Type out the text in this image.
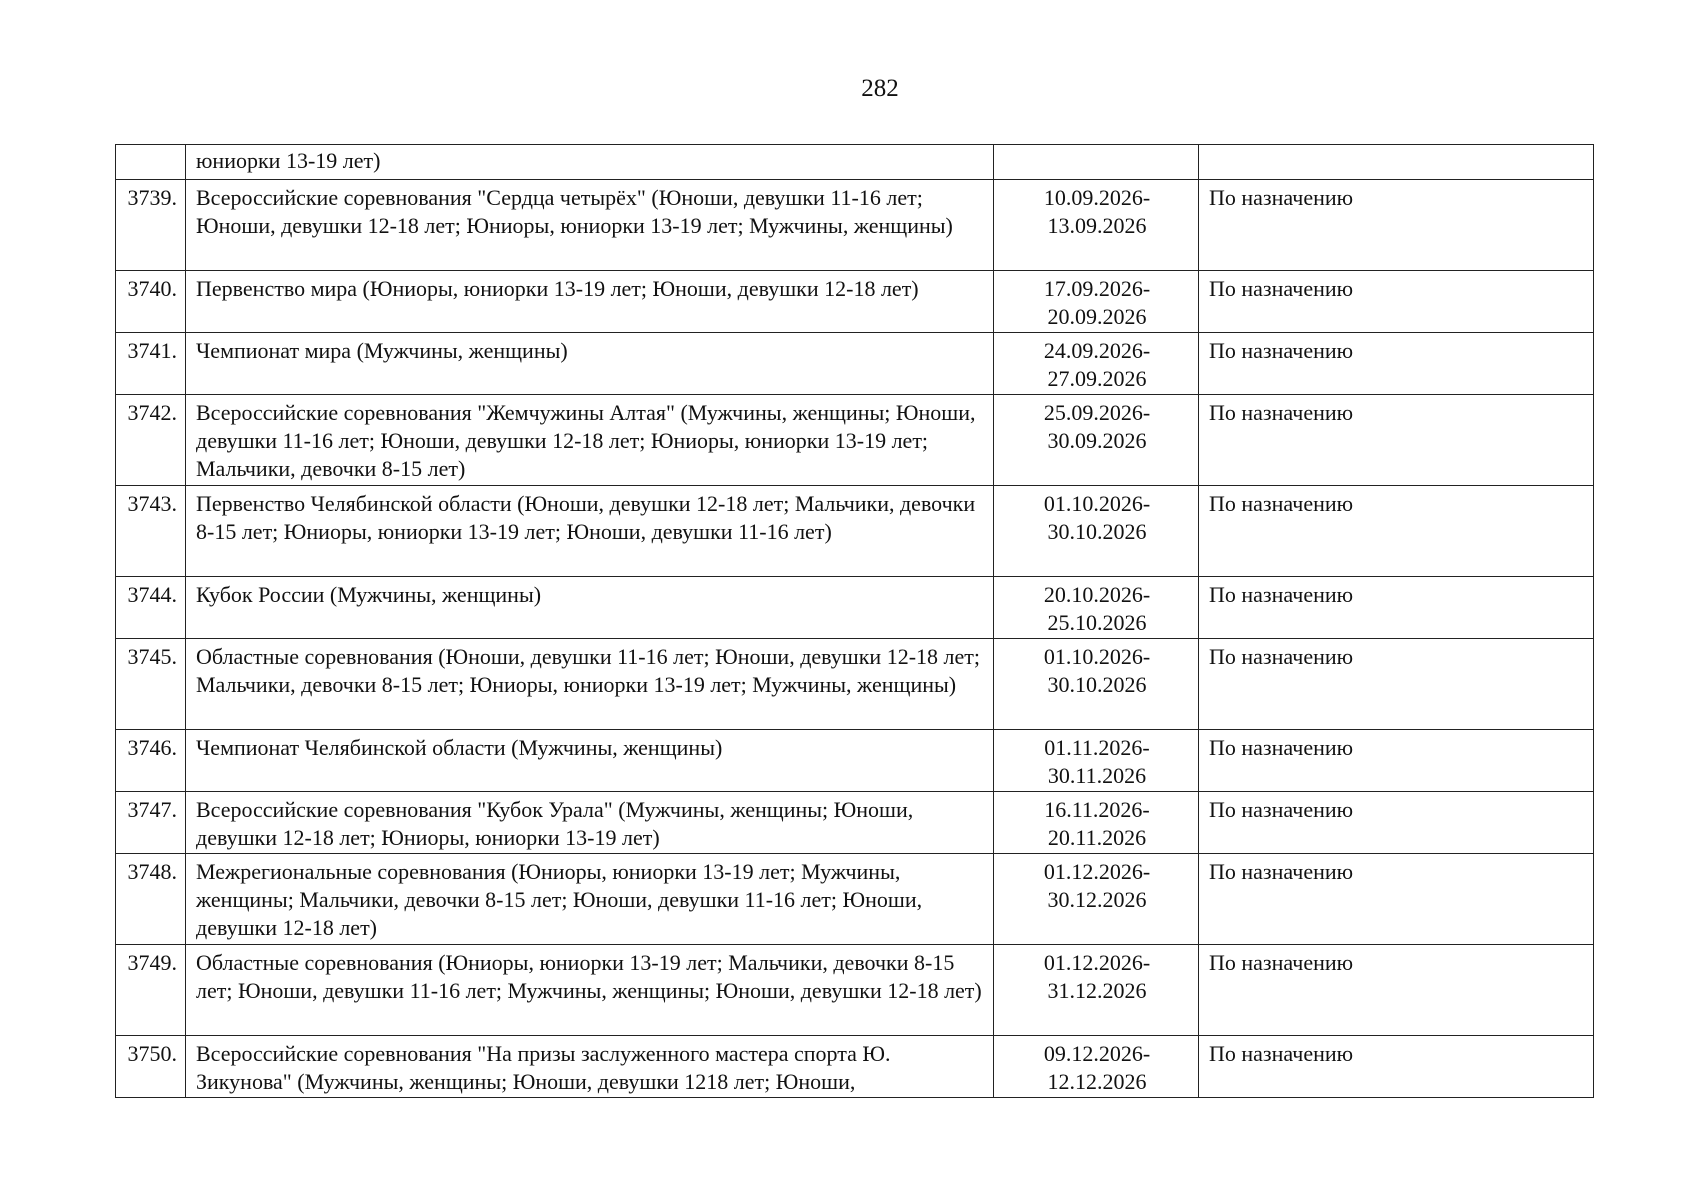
282
	юниорки 13-19 лет)	

3739.	Всероссийские соревнования "Сердца четырёх" (Юноши, девушки 11-16 лет; Юноши, девушки 12-18 лет; Юниоры, юниорки 13-19 лет; Мужчины, женщины)	10.09.2026-
13.09.2026	По назначению
3740.	Первенство мира (Юниоры, юниорки 13-19 лет; Юноши, девушки 12-18 лет)	17.09.2026-
20.09.2026	По назначению
3741.	Чемпионат мира (Мужчины, женщины)	24.09.2026-
27.09.2026	По назначению
3742.	Всероссийские соревнования "Жемчужины Алтая" (Мужчины, женщины; Юноши, девушки 11-16 лет; Юноши, девушки 12-18 лет; Юниоры, юниорки 13-19 лет; Мальчики, девочки 8-15 лет)	25.09.2026-
30.09.2026	По назначению
3743.	Первенство Челябинской области (Юноши, девушки 12-18 лет; Мальчики, девочки 8-15 лет; Юниоры, юниорки 13-19 лет; Юноши, девушки 11-16 лет)	01.10.2026-
30.10.2026	По назначению
3744.	Кубок России (Мужчины, женщины)	20.10.2026-
25.10.2026	По назначению
3745.	Областные соревнования (Юноши, девушки 11-16 лет; Юноши, девушки 12-18 лет; Мальчики, девочки 8-15 лет; Юниоры, юниорки 13-19 лет; Мужчины, женщины)	01.10.2026-
30.10.2026	По назначению
3746.	Чемпионат Челябинской области (Мужчины, женщины)	01.11.2026-
30.11.2026	По назначению
3747.	Всероссийские соревнования "Кубок Урала" (Мужчины, женщины; Юноши, девушки 12-18 лет; Юниоры, юниорки 13-19 лет)	16.11.2026-
20.11.2026	По назначению
3748.	Межрегиональные соревнования (Юниоры, юниорки 13-19 лет; Мужчины, женщины; Мальчики, девочки 8-15 лет; Юноши, девушки 11-16 лет; Юноши, девушки 12-18 лет)	01.12.2026-
30.12.2026	По назначению
3749.	Областные соревнования (Юниоры, юниорки 13-19 лет; Мальчики, девочки 8-15 лет; Юноши, девушки 11-16 лет; Мужчины, женщины; Юноши, девушки 12-18 лет)	01.12.2026-
31.12.2026	По назначению
3750.	Всероссийские соревнования "На призы заслуженного мастера спорта Ю. Зикунова" (Мужчины, женщины; Юноши, девушки 1218 лет; Юноши,	09.12.2026-
12.12.2026	По назначению
